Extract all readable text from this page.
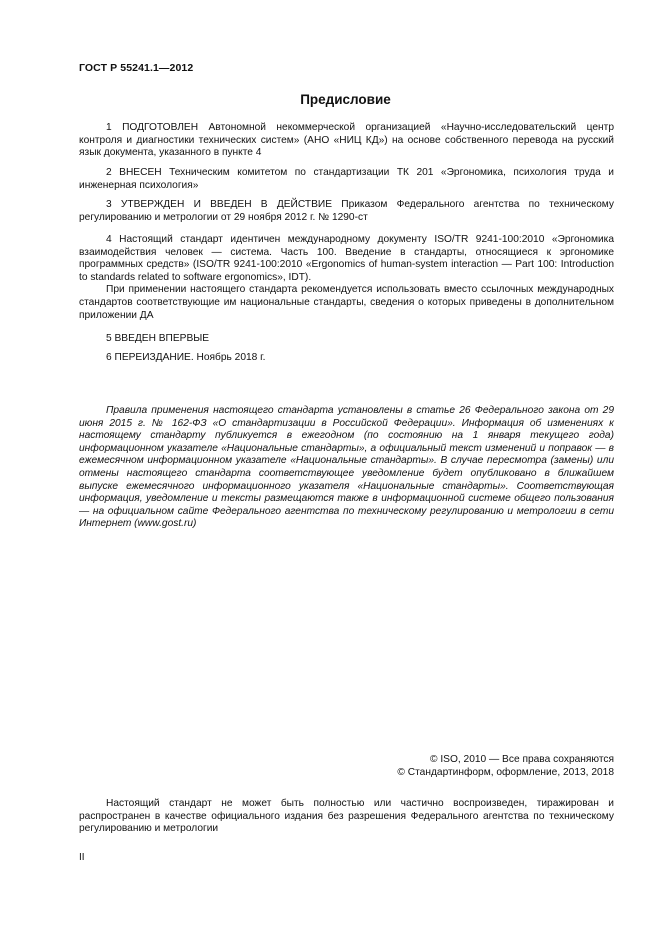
ГОСТ Р 55241.1—2012
Предисловие

1 ПОДГОТОВЛЕН Автономной некоммерческой организацией «Научно-исследовательский центр контроля и диагностики технических систем» (АНО «НИЦ КД») на основе собственного перевода на русский язык документа, указанного в пункте 4

2 ВНЕСЕН Техническим комитетом по стандартизации ТК 201 «Эргономика, психология труда и инженерная психология»

3 УТВЕРЖДЕН И ВВЕДЕН В ДЕЙСТВИЕ Приказом Федерального агентства по техническому регулированию и метрологии от 29 ноября 2012 г. № 1290-ст

4 Настоящий стандарт идентичен международному документу ISO/TR 9241-100:2010 «Эргономика взаимодействия человек — система. Часть 100. Введение в стандарты, относящиеся к эргономике программных средств» (ISO/TR 9241-100:2010 «Ergonomics of human-system interaction — Part 100: Introduction to standards related to software ergonomics», IDT).

При применении настоящего стандарта рекомендуется использовать вместо ссылочных международных стандартов соответствующие им национальные стандарты, сведения о которых приведены в дополнительном приложении ДА

5 ВВЕДЕН ВПЕРВЫЕ

6 ПЕРЕИЗДАНИЕ. Ноябрь 2018 г.

Правила применения настоящего стандарта установлены в статье 26 Федерального закона от 29 июня 2015 г. № 162-ФЗ «О стандартизации в Российской Федерации». Информация об изменениях к настоящему стандарту публикуется в ежегодном (по состоянию на 1 января текущего года) информационном указателе «Национальные стандарты», а официальный текст изменений и поправок — в ежемесячном информационном указателе «Национальные стандарты». В случае пересмотра (замены) или отмены настоящего стандарта соответствующее уведомление будет опубликовано в ближайшем выпуске ежемесячного информационного указателя «Национальные стандарты». Соответствующая информация, уведомление и тексты размещаются также в информационной системе общего пользования — на официальном сайте Федерального агентства по техническому регулированию и метрологии в сети Интернет (www.gost.ru)

© ISO, 2010 — Все права сохраняются
© Стандартинформ, оформление, 2013, 2018

Настоящий стандарт не может быть полностью или частично воспроизведен, тиражирован и распространен в качестве официального издания без разрешения Федерального агентства по техническому регулированию и метрологии

II
